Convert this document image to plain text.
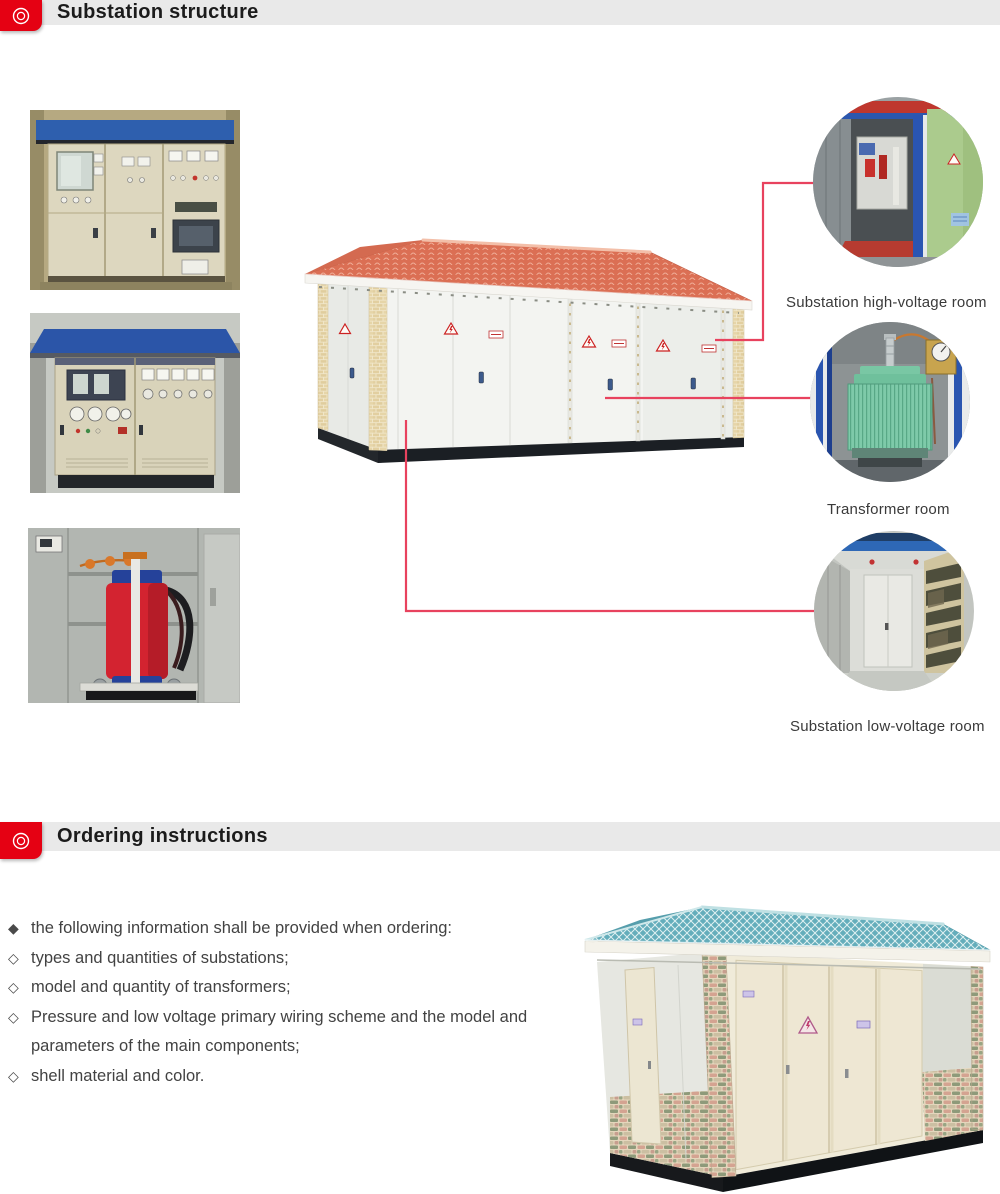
Substation structure
Substation high-voltage room
Transformer room
Substation low-voltage room
Ordering instructions
◆ the following information shall be provided when ordering:
◇ types and quantities of substations;
◇ model and quantity of transformers;
◇ Pressure and low voltage primary wiring scheme and the model and parameters of the main components;
◇ shell material and color.
